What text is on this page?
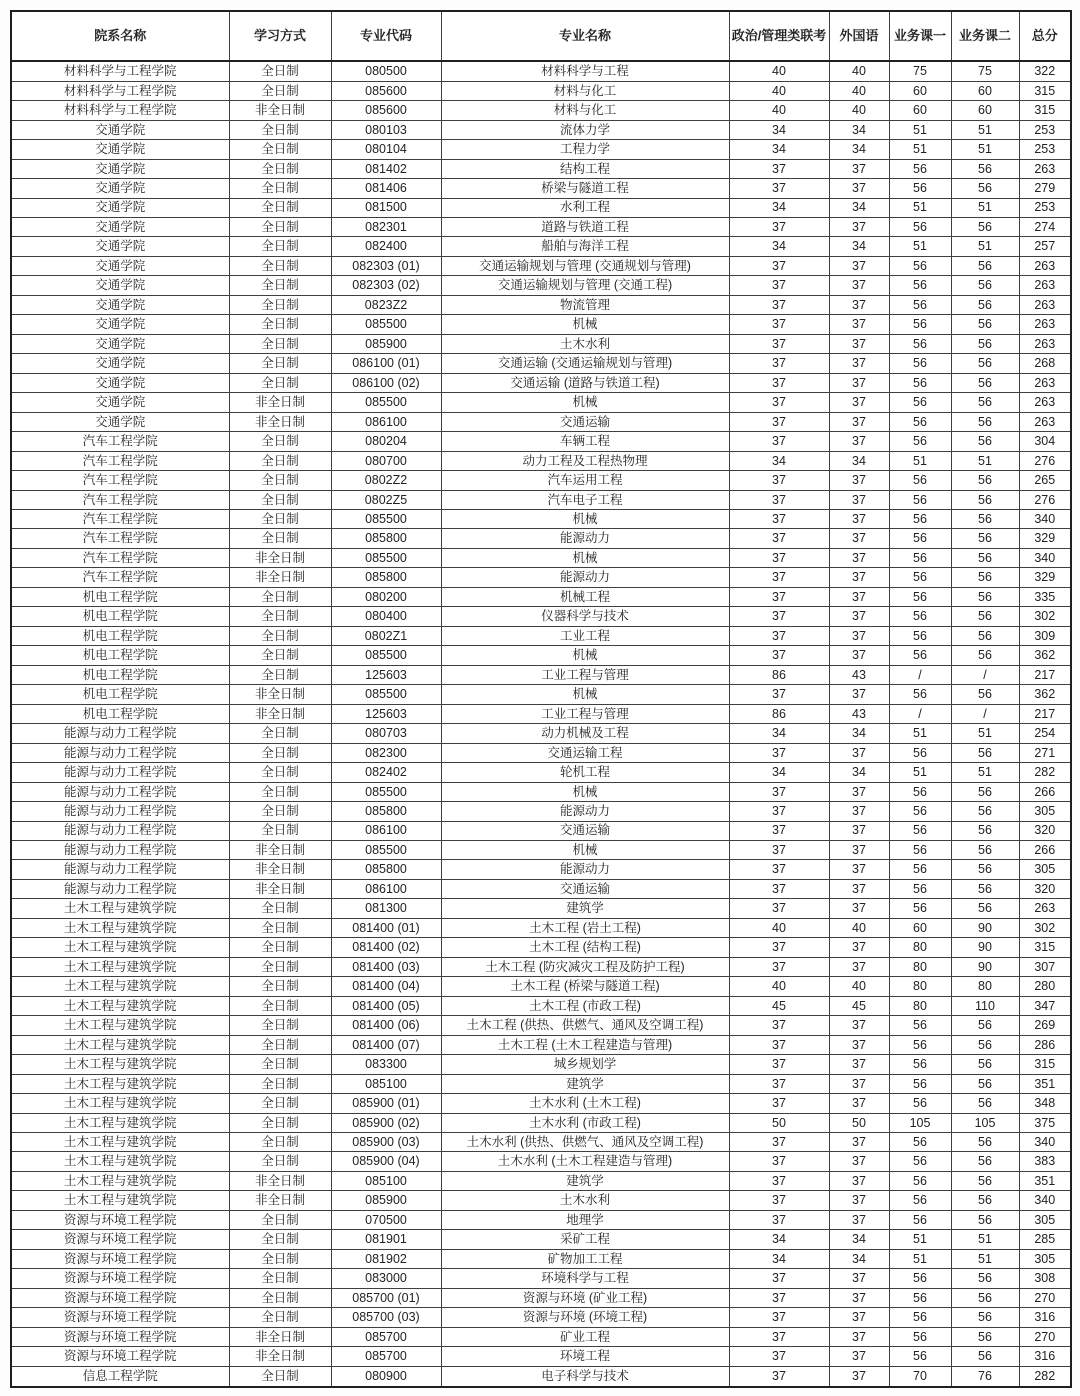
院系名称	学习方式	专业代码	专业名称	政治/管理类联考	外国语	业务课一	业务课二	总分
材料科学与工程学院	全日制	080500	材料科学与工程	40	40	75	75	322
材料科学与工程学院	全日制	085600	材料与化工	40	40	60	60	315
材料科学与工程学院	非全日制	085600	材料与化工	40	40	60	60	315
交通学院	全日制	080103	流体力学	34	34	51	51	253
交通学院	全日制	080104	工程力学	34	34	51	51	253
交通学院	全日制	081402	结构工程	37	37	56	56	263
交通学院	全日制	081406	桥梁与隧道工程	37	37	56	56	279
交通学院	全日制	081500	水利工程	34	34	51	51	253
交通学院	全日制	082301	道路与铁道工程	37	37	56	56	274
交通学院	全日制	082400	船舶与海洋工程	34	34	51	51	257
交通学院	全日制	082303 (01)	交通运输规划与管理 (交通规划与管理)	37	37	56	56	263
交通学院	全日制	082303 (02)	交通运输规划与管理 (交通工程)	37	37	56	56	263
交通学院	全日制	0823Z2	物流管理	37	37	56	56	263
交通学院	全日制	085500	机械	37	37	56	56	263
交通学院	全日制	085900	土木水利	37	37	56	56	263
交通学院	全日制	086100 (01)	交通运输 (交通运输规划与管理)	37	37	56	56	268
交通学院	全日制	086100 (02)	交通运输 (道路与铁道工程)	37	37	56	56	263
交通学院	非全日制	085500	机械	37	37	56	56	263
交通学院	非全日制	086100	交通运输	37	37	56	56	263
汽车工程学院	全日制	080204	车辆工程	37	37	56	56	304
汽车工程学院	全日制	080700	动力工程及工程热物理	34	34	51	51	276
汽车工程学院	全日制	0802Z2	汽车运用工程	37	37	56	56	265
汽车工程学院	全日制	0802Z5	汽车电子工程	37	37	56	56	276
汽车工程学院	全日制	085500	机械	37	37	56	56	340
汽车工程学院	全日制	085800	能源动力	37	37	56	56	329
汽车工程学院	非全日制	085500	机械	37	37	56	56	340
汽车工程学院	非全日制	085800	能源动力	37	37	56	56	329
机电工程学院	全日制	080200	机械工程	37	37	56	56	335
机电工程学院	全日制	080400	仪器科学与技术	37	37	56	56	302
机电工程学院	全日制	0802Z1	工业工程	37	37	56	56	309
机电工程学院	全日制	085500	机械	37	37	56	56	362
机电工程学院	全日制	125603	工业工程与管理	86	43	/	/	217
机电工程学院	非全日制	085500	机械	37	37	56	56	362
机电工程学院	非全日制	125603	工业工程与管理	86	43	/	/	217
能源与动力工程学院	全日制	080703	动力机械及工程	34	34	51	51	254
能源与动力工程学院	全日制	082300	交通运输工程	37	37	56	56	271
能源与动力工程学院	全日制	082402	轮机工程	34	34	51	51	282
能源与动力工程学院	全日制	085500	机械	37	37	56	56	266
能源与动力工程学院	全日制	085800	能源动力	37	37	56	56	305
能源与动力工程学院	全日制	086100	交通运输	37	37	56	56	320
能源与动力工程学院	非全日制	085500	机械	37	37	56	56	266
能源与动力工程学院	非全日制	085800	能源动力	37	37	56	56	305
能源与动力工程学院	非全日制	086100	交通运输	37	37	56	56	320
土木工程与建筑学院	全日制	081300	建筑学	37	37	56	56	263
土木工程与建筑学院	全日制	081400 (01)	土木工程 (岩土工程)	40	40	60	90	302
土木工程与建筑学院	全日制	081400 (02)	土木工程 (结构工程)	37	37	80	90	315
土木工程与建筑学院	全日制	081400 (03)	土木工程 (防灾减灾工程及防护工程)	37	37	80	90	307
土木工程与建筑学院	全日制	081400 (04)	土木工程 (桥梁与隧道工程)	40	40	80	80	280
土木工程与建筑学院	全日制	081400 (05)	土木工程 (市政工程)	45	45	80	110	347
土木工程与建筑学院	全日制	081400 (06)	土木工程 (供热、供燃气、通风及空调工程)	37	37	56	56	269
土木工程与建筑学院	全日制	081400 (07)	土木工程 (土木工程建造与管理)	37	37	56	56	286
土木工程与建筑学院	全日制	083300	城乡规划学	37	37	56	56	315
土木工程与建筑学院	全日制	085100	建筑学	37	37	56	56	351
土木工程与建筑学院	全日制	085900 (01)	土木水利 (土木工程)	37	37	56	56	348
土木工程与建筑学院	全日制	085900 (02)	土木水利 (市政工程)	50	50	105	105	375
土木工程与建筑学院	全日制	085900 (03)	土木水利 (供热、供燃气、通风及空调工程)	37	37	56	56	340
土木工程与建筑学院	全日制	085900 (04)	土木水利 (土木工程建造与管理)	37	37	56	56	383
土木工程与建筑学院	非全日制	085100	建筑学	37	37	56	56	351
土木工程与建筑学院	非全日制	085900	土木水利	37	37	56	56	340
资源与环境工程学院	全日制	070500	地理学	37	37	56	56	305
资源与环境工程学院	全日制	081901	采矿工程	34	34	51	51	285
资源与环境工程学院	全日制	081902	矿物加工工程	34	34	51	51	305
资源与环境工程学院	全日制	083000	环境科学与工程	37	37	56	56	308
资源与环境工程学院	全日制	085700 (01)	资源与环境 (矿业工程)	37	37	56	56	270
资源与环境工程学院	全日制	085700 (03)	资源与环境 (环境工程)	37	37	56	56	316
资源与环境工程学院	非全日制	085700	矿业工程	37	37	56	56	270
资源与环境工程学院	非全日制	085700	环境工程	37	37	56	56	316
信息工程学院	全日制	080900	电子科学与技术	37	37	70	76	282
